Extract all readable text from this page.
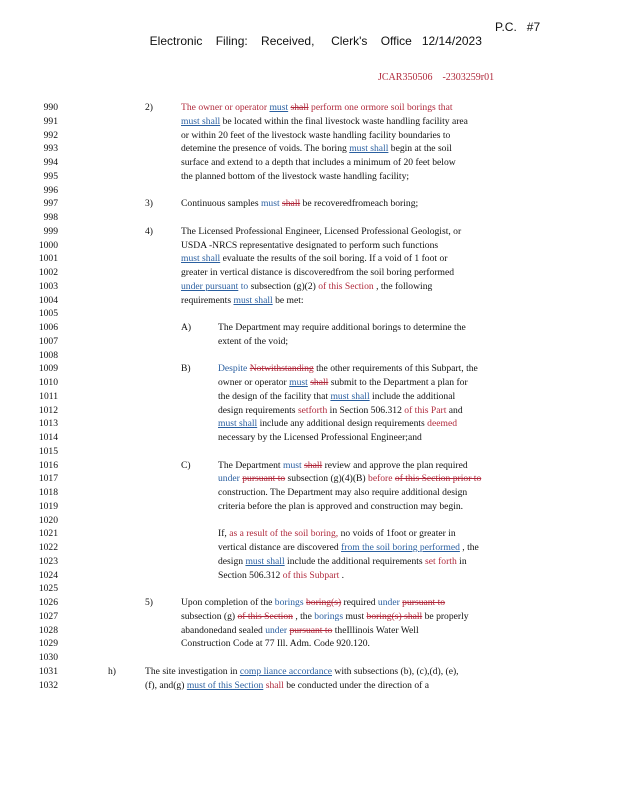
Electronic    Filing:    Received,     Clerk's    Office   12/14/2023

P.C.   #7

JCAR350506    -2303259r01
990	2)	The owner or operator must shall perform one ormore soil borings that
991	must shall be located within the final livestock waste handling facility area
992	or within 20 feet of the livestock waste handling facility boundaries to
993	detemine the presence of voids. The boring must shall begin at the soil
994	surface and extend to a depth that includes a minimum of 20 feet below
995	the planned bottom of the livestock waste handling facility;
996
997	3)	Continuous samples must shall be recoveredfromeach boring;
998
999	4)	The Licensed Professional Engineer, Licensed Professional Geologist, or
1000	USDA -NRCS representative designated to perform such functions
1001	must shall evaluate the results of the soil boring. If a void of 1 foot or
1002	greater in vertical distance is discoveredfrom the soil boring performed
1003	under pursuant to subsection (g)(2) of this Section , the following
1004	requirements must shall be met:
1005
1006	A)	The Department may require additional borings to determine the
1007	extent of the void;
1008
1009	B)	Despite Notwithstanding the other requirements of this Subpart, the
1010	owner or operator must shall submit to the Department a plan for
1011	the design of the facility that must shall include the additional
1012	design requirements setforth in Section 506.312 of this Part and
1013	must shall include any additional design requirements deemed
1014	necessary by the Licensed Professional Engineer;and
1015
1016	C)	The Department must shall review and approve the plan required
1017	under pursuant to subsection (g)(4)(B) before of this Section prior to
1018	construction. The Department may also require additional design
1019	criteria before the plan is approved and construction may begin.
1020
1021	If, as a result of the soil boring, no voids of 1foot or greater in
1022	vertical distance are discovered from the soil boring performed , the
1023	design must shall include the additional requirements set forth in
1024	Section 506.312 of this Subpart .
1025
1026	5)	Upon completion of the borings boring(s) required under pursuant to
1027	subsection (g) of this Section , the borings must boring(s) shall be properly
1028	abandonedand sealed under pursuant to theIllinois Water Well
1029	Construction Code at 77 Ill. Adm. Code 920.120.
1030
1031	h)	The site investigation in comp liance accordance with subsections (b), (c),(d), (e),
1032	(f), and(g) must of this Section shall be conducted under the direction of a
